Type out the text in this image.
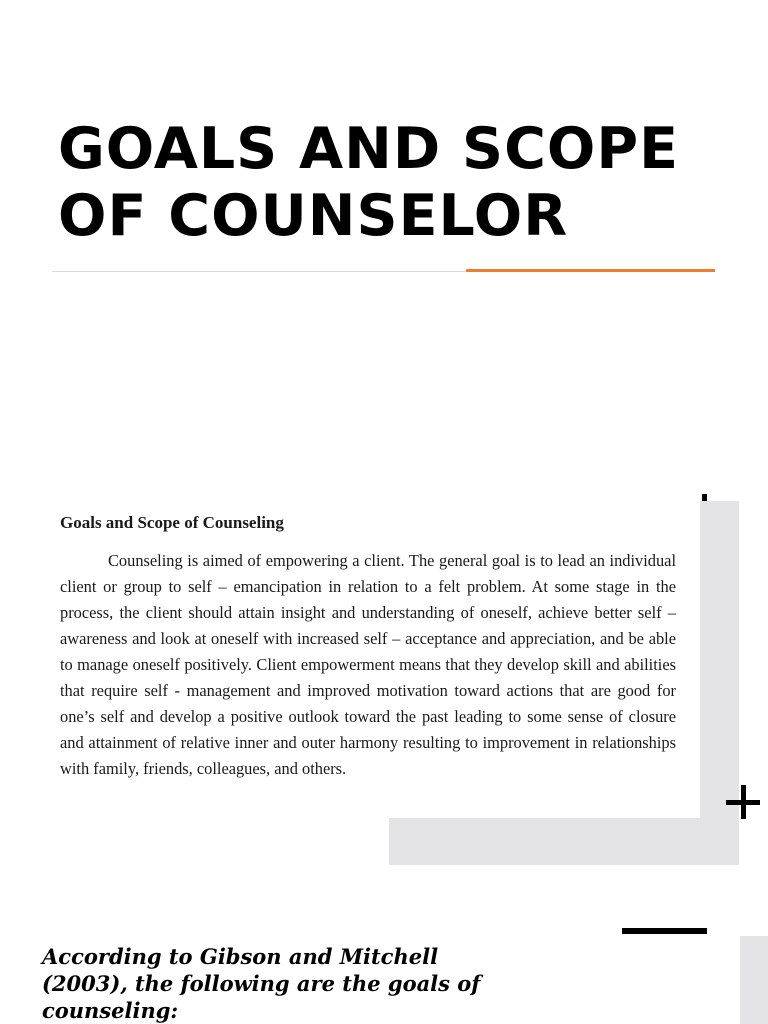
GOALS AND SCOPE
OF COUNSELOR

Goals and Scope of Counseling

Counseling is aimed of empowering a client. The general goal is to lead an individual client or group to self – emancipation in relation to a felt problem. At some stage in the process, the client should attain insight and understanding of oneself, achieve better self – awareness and look at oneself with increased self – acceptance and appreciation, and be able to manage oneself positively. Client empowerment means that they develop skill and abilities that require self - management and improved motivation toward actions that are good for one’s self and develop a positive outlook toward the past leading to some sense of closure and attainment of relative inner and outer harmony resulting to improvement in relationships with family, friends, colleagues, and others.

According to Gibson and Mitchell
(2003), the following are the goals of
counseling:
